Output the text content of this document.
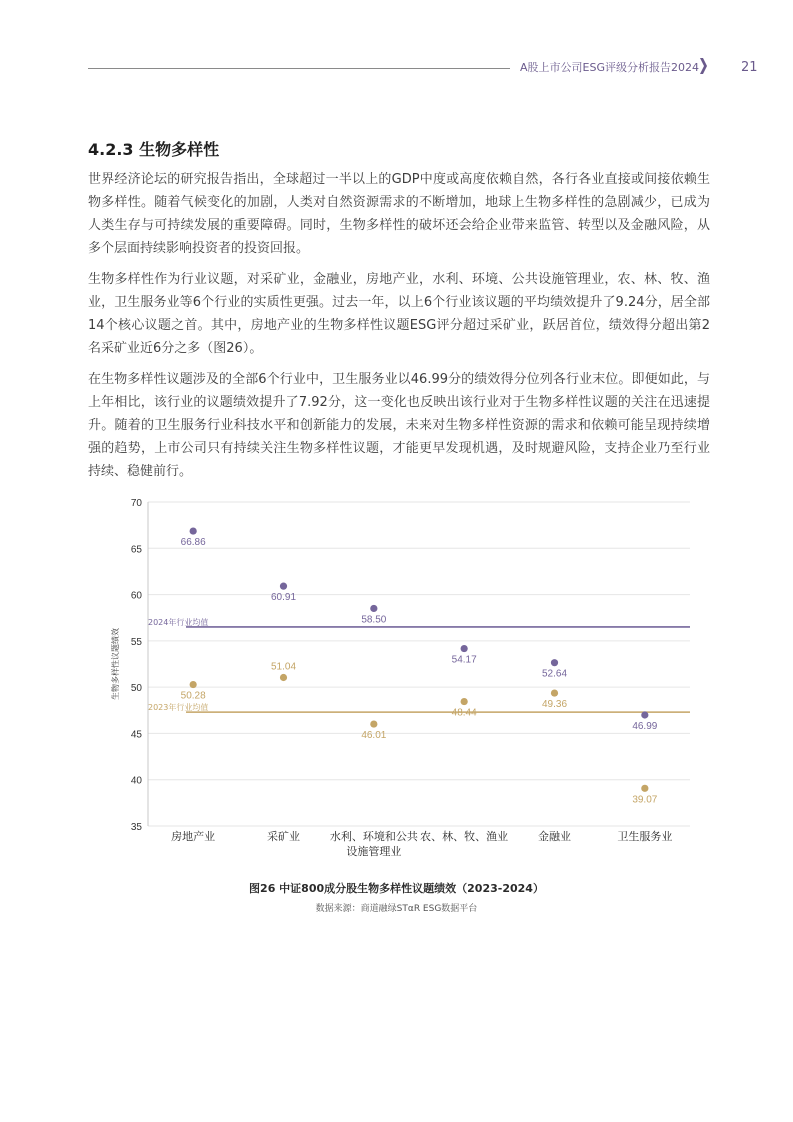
A股上市公司ESG评级分析报告2024	21
4.2.3 生物多样性

世界经济论坛的研究报告指出，全球超过一半以上的GDP中度或高度依赖自然，各行各业直接或间接依赖生物多样性。随着气候变化的加剧，人类对自然资源需求的不断增加，地球上生物多样性的急剧减少，已成为人类生存与可持续发展的重要障碍。同时，生物多样性的破坏还会给企业带来监管、转型以及金融风险，从多个层面持续影响投资者的投资回报。

生物多样性作为行业议题，对采矿业，金融业，房地产业，水利、环境、公共设施管理业，农、林、牧、渔业，卫生服务业等6个行业的实质性更强。过去一年，以上6个行业该议题的平均绩效提升了9.24分，居全部14个核心议题之首。其中，房地产业的生物多样性议题ESG评分超过采矿业，跃居首位，绩效得分超出第2名采矿业近6分之多（图26）。

在生物多样性议题涉及的全部6个行业中，卫生服务业以46.99分的绩效得分位列各行业末位。即便如此，与上年相比，该行业的议题绩效提升了7.92分，这一变化也反映出该行业对于生物多样性议题的关注在迅速提升。随着的卫生服务行业科技水平和创新能力的发展，未来对生物多样性资源的需求和依赖可能呈现持续增强的趋势，上市公司只有持续关注生物多样性议题，才能更早发现机遇，及时规避风险，支持企业乃至行业持续、稳健前行。

35
40
45
50
55
60
65
70
生物多样性议题绩效
2024年行业均值
2023年行业均值
66.86
60.91
58.50
54.17
52.64
46.99
50.28
51.04
46.01
48.44
49.36
39.07
房地产业	采矿业	水利、环境和公共
设施管理业
农、林、牧、渔业	金融业	卫生服务业

图26 中证800成分股生物多样性议题绩效（2023-2024）

数据来源：商道融绿STαR ESG数据平台
